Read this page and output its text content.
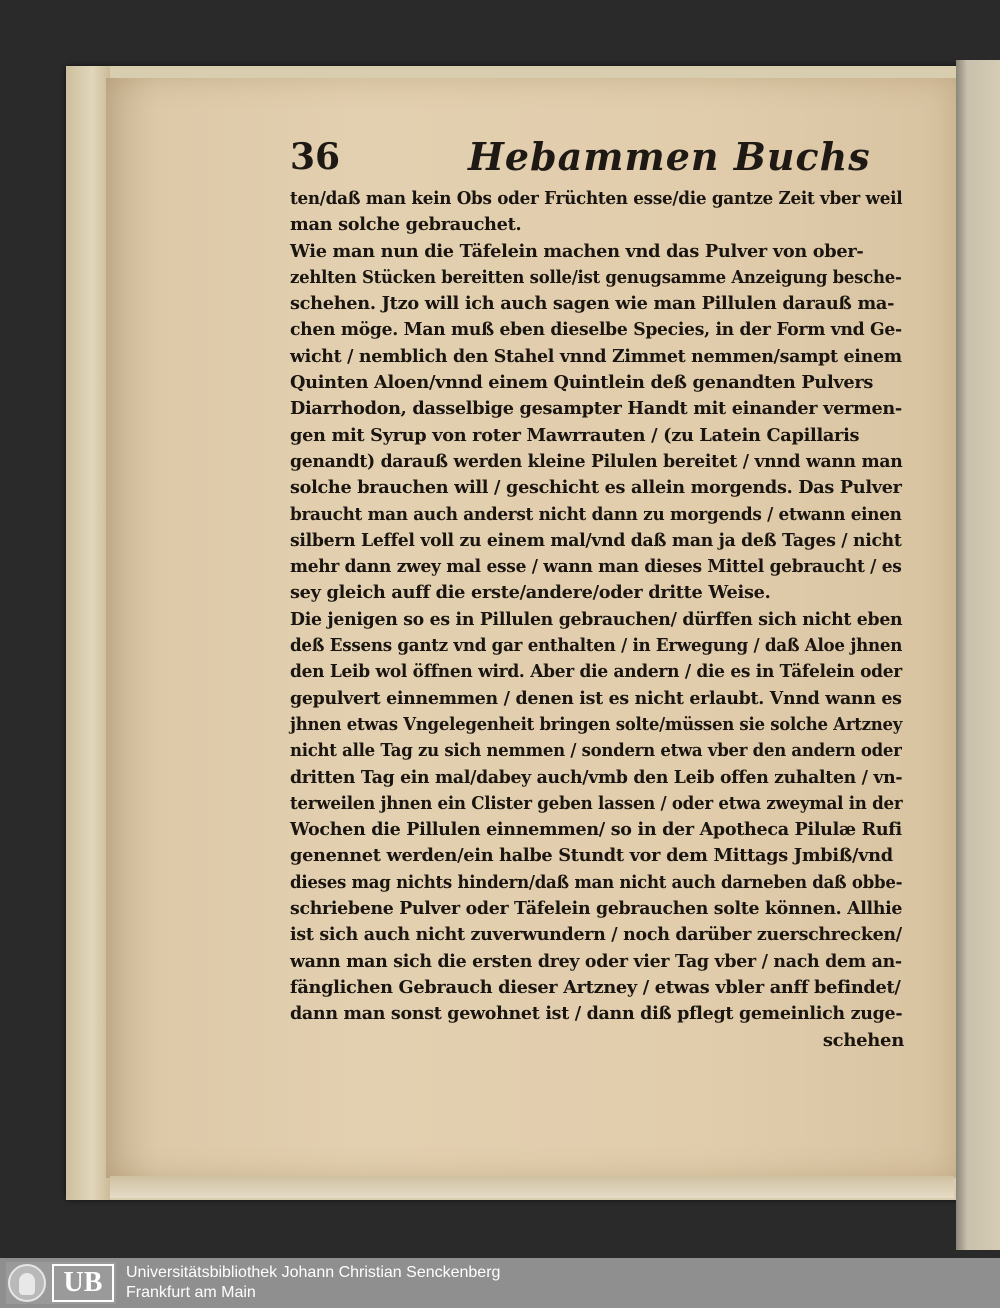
36	Hebammen Buchs
ten/daß man kein Obs oder Früchten esse/die gantze Zeit vber weil
man solche gebrauchet.
Wie man nun die Täfelein machen vnd das Pulver von ober-
zehlten Stücken bereitten solle/ist genugsamme Anzeigung besche-
schehen. Jtzo will ich auch sagen wie man Pillulen darauß ma-
chen möge. Man muß eben dieselbe Species, in der Form vnd Ge-
wicht / nemblich den Stahel vnnd Zimmet nemmen/sampt einem
Quinten Aloen/vnnd einem Quintlein deß genandten Pulvers
Diarrhodon, dasselbige gesampter Handt mit einander vermen-
gen mit Syrup von roter Mawrrauten / (zu Latein Capillaris
genandt) darauß werden kleine Pilulen bereitet / vnnd wann man
solche brauchen will / geschicht es allein morgends. Das Pulver
braucht man auch anderst nicht dann zu morgends / etwann einen
silbern Leffel voll zu einem mal/vnd daß man ja deß Tages / nicht
mehr dann zwey mal esse / wann man dieses Mittel gebraucht / es
sey gleich auff die erste/andere/oder dritte Weise.
Die jenigen so es in Pillulen gebrauchen/ dürffen sich nicht eben
deß Essens gantz vnd gar enthalten / in Erwegung / daß Aloe jhnen
den Leib wol öffnen wird. Aber die andern / die es in Täfelein oder
gepulvert einnemmen / denen ist es nicht erlaubt. Vnnd wann es
jhnen etwas Vngelegenheit bringen solte/müssen sie solche Artzney
nicht alle Tag zu sich nemmen / sondern etwa vber den andern oder
dritten Tag ein mal/dabey auch/vmb den Leib offen zuhalten / vn-
terweilen jhnen ein Clister geben lassen / oder etwa zweymal in der
Wochen die Pillulen einnemmen/ so in der Apotheca Pilulæ Rufi
genennet werden/ein halbe Stundt vor dem Mittags Jmbiß/vnd
dieses mag nichts hindern/daß man nicht auch darneben daß obbe-
schriebene Pulver oder Täfelein gebrauchen solte können. Allhie
ist sich auch nicht zuverwundern / noch darüber zuerschrecken/
wann man sich die ersten drey oder vier Tag vber / nach dem an-
fänglichen Gebrauch dieser Artzney / etwas vbler anff befindet/
dann man sonst gewohnet ist / dann diß pflegt gemeinlich zuge-
schehen
UB	Universitätsbibliothek Johann Christian Senckenberg
Frankfurt am Main
